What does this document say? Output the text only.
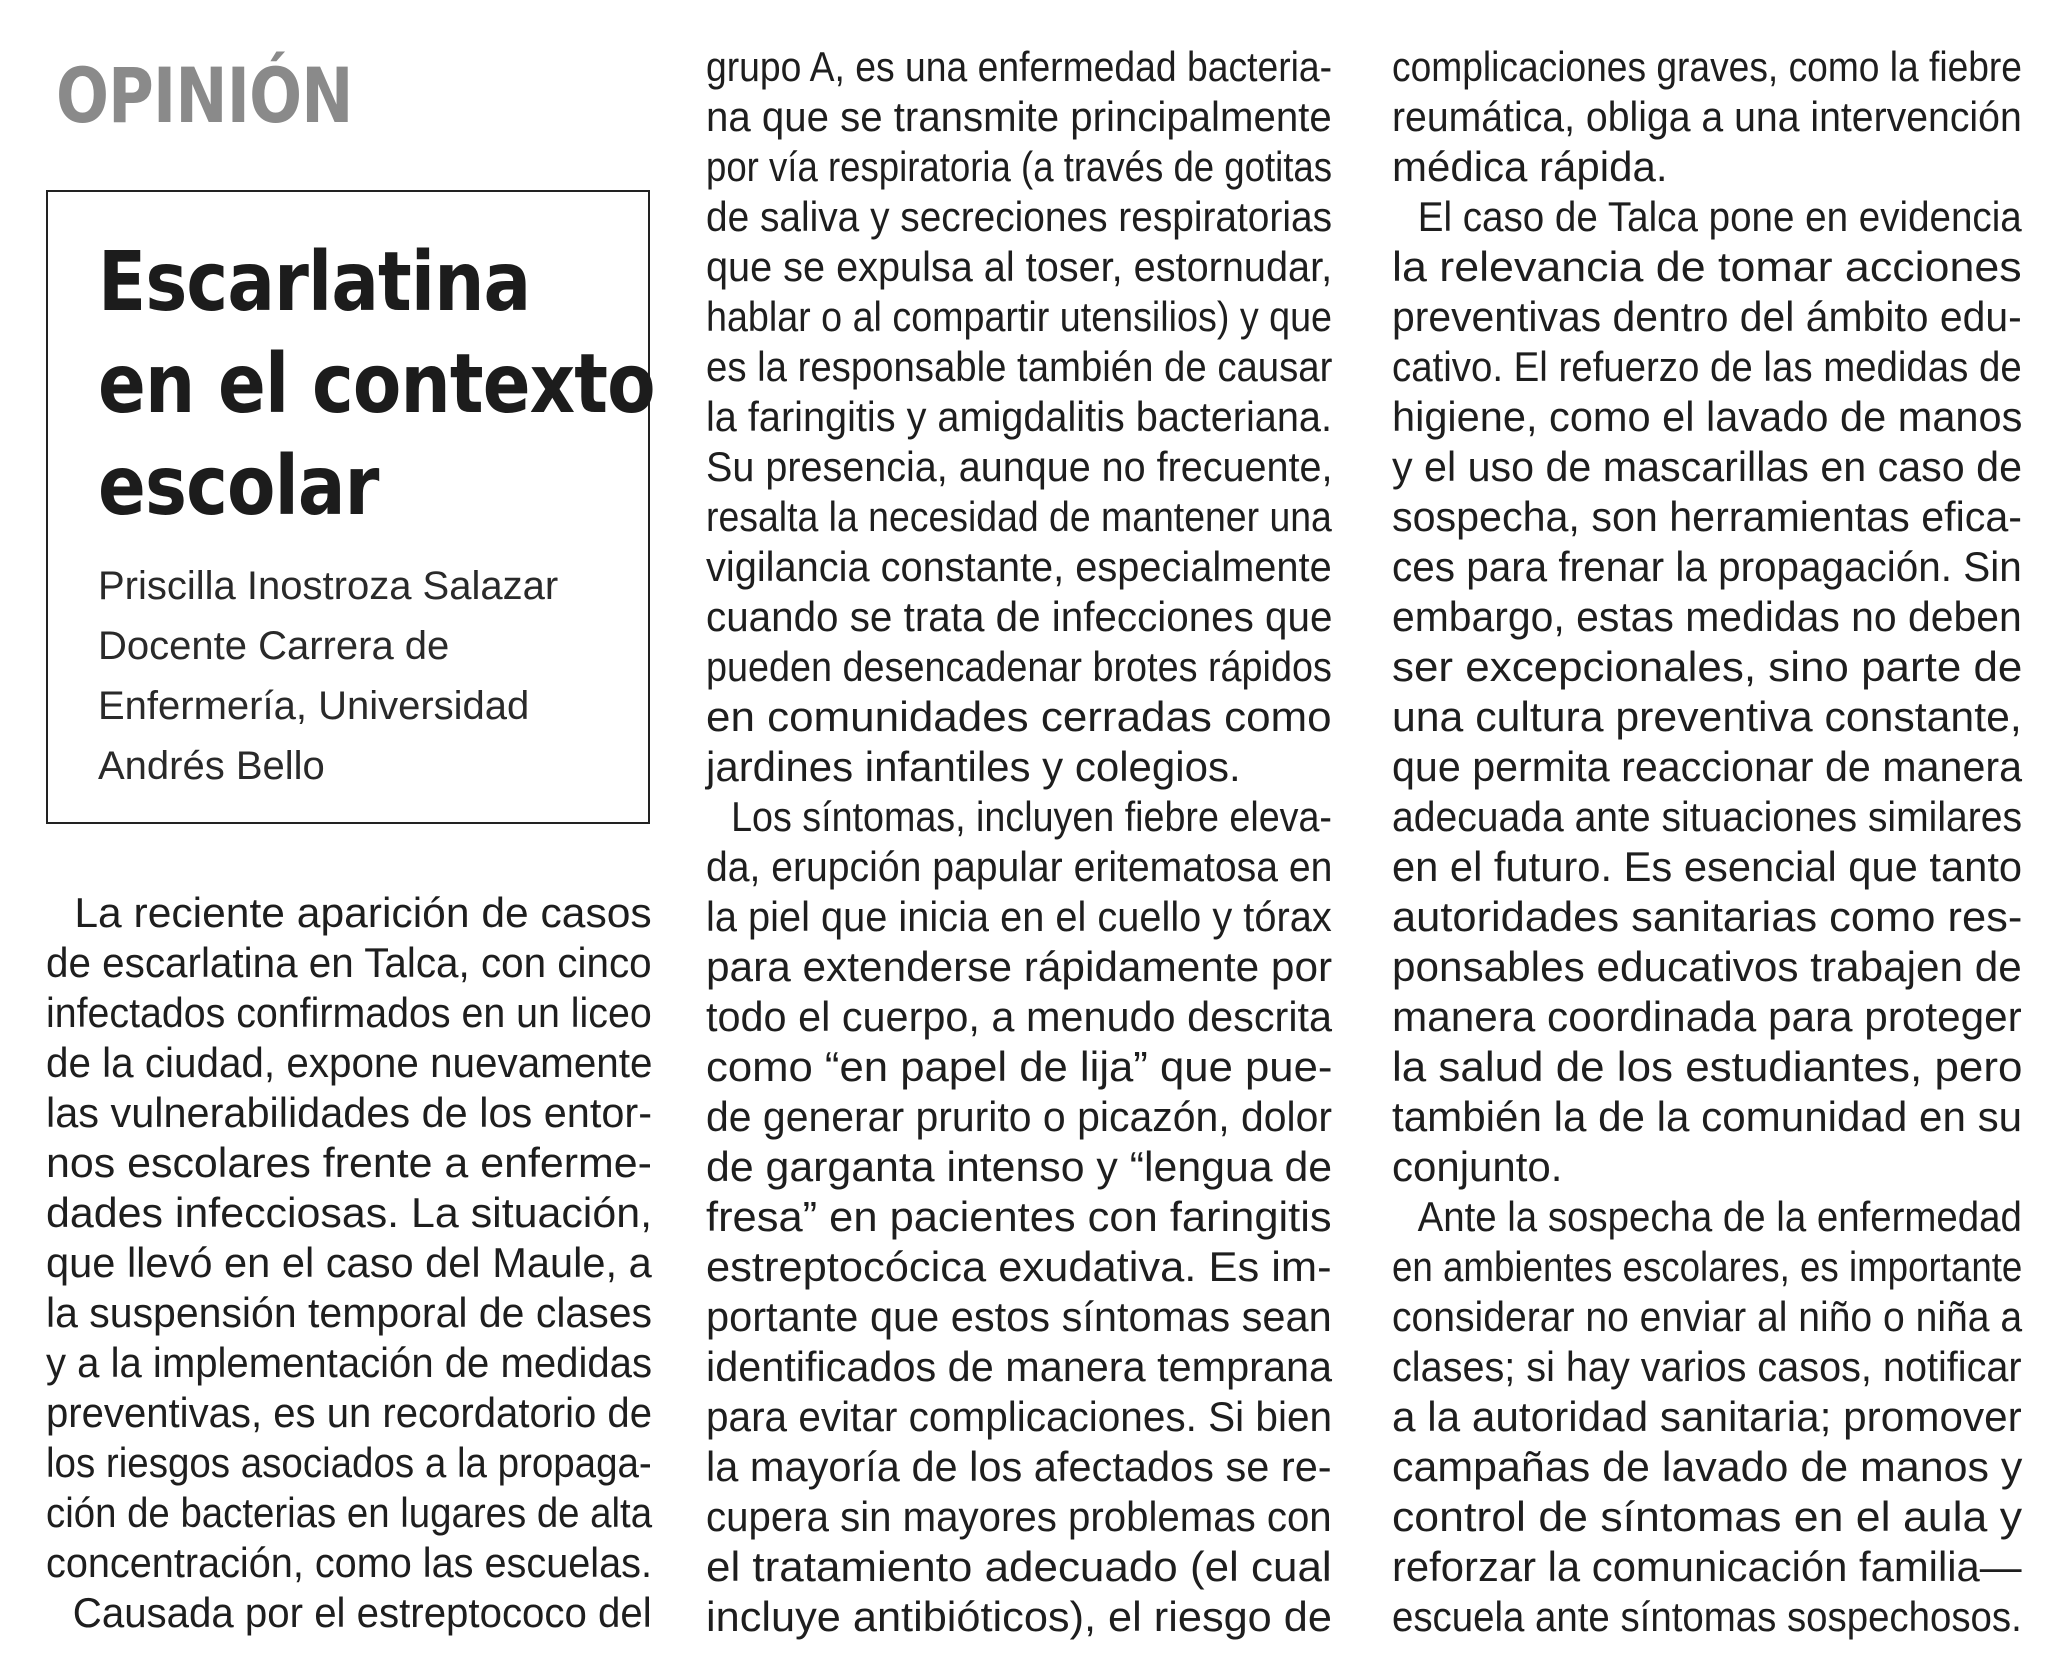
OPINIÓN
Escarlatina
en el contexto
escolar
Priscilla Inostroza Salazar
Docente Carrera de
Enfermería, Universidad
Andrés Bello
La reciente aparición de casos
de escarlatina en Talca, con cinco
infectados confirmados en un liceo
de la ciudad, expone nuevamente
las vulnerabilidades de los entor-
nos escolares frente a enferme-
dades infecciosas. La situación,
que llevó en el caso del Maule, a
la suspensión temporal de clases
y a la implementación de medidas
preventivas, es un recordatorio de
los riesgos asociados a la propaga-
ción de bacterias en lugares de alta
concentración, como las escuelas.
Causada por el estreptococo del
grupo A, es una enfermedad bacteria-
na que se transmite principalmente
por vía respiratoria (a través de gotitas
de saliva y secreciones respiratorias
que se expulsa al toser, estornudar,
hablar o al compartir utensilios) y que
es la responsable también de causar
la faringitis y amigdalitis bacteriana.
Su presencia, aunque no frecuente,
resalta la necesidad de mantener una
vigilancia constante, especialmente
cuando se trata de infecciones que
pueden desencadenar brotes rápidos
en comunidades cerradas como
jardines infantiles y colegios.
Los síntomas, incluyen fiebre eleva-
da, erupción papular eritematosa en
la piel que inicia en el cuello y tórax
para extenderse rápidamente por
todo el cuerpo, a menudo descrita
como “en papel de lija” que pue-
de generar prurito o picazón, dolor
de garganta intenso y “lengua de
fresa” en pacientes con faringitis
estreptocócica exudativa. Es im-
portante que estos síntomas sean
identificados de manera temprana
para evitar complicaciones. Si bien
la mayoría de los afectados se re-
cupera sin mayores problemas con
el tratamiento adecuado (el cual
incluye antibióticos), el riesgo de
complicaciones graves, como la fiebre
reumática, obliga a una intervención
médica rápida.
El caso de Talca pone en evidencia
la relevancia de tomar acciones
preventivas dentro del ámbito edu-
cativo. El refuerzo de las medidas de
higiene, como el lavado de manos
y el uso de mascarillas en caso de
sospecha, son herramientas efica-
ces para frenar la propagación. Sin
embargo, estas medidas no deben
ser excepcionales, sino parte de
una cultura preventiva constante,
que permita reaccionar de manera
adecuada ante situaciones similares
en el futuro. Es esencial que tanto
autoridades sanitarias como res-
ponsables educativos trabajen de
manera coordinada para proteger
la salud de los estudiantes, pero
también la de la comunidad en su
conjunto.
Ante la sospecha de la enfermedad
en ambientes escolares, es importante
considerar no enviar al niño o niña a
clases; si hay varios casos, notificar
a la autoridad sanitaria; promover
campañas de lavado de manos y
control de síntomas en el aula y
reforzar la comunicación familia—
escuela ante síntomas sospechosos.
